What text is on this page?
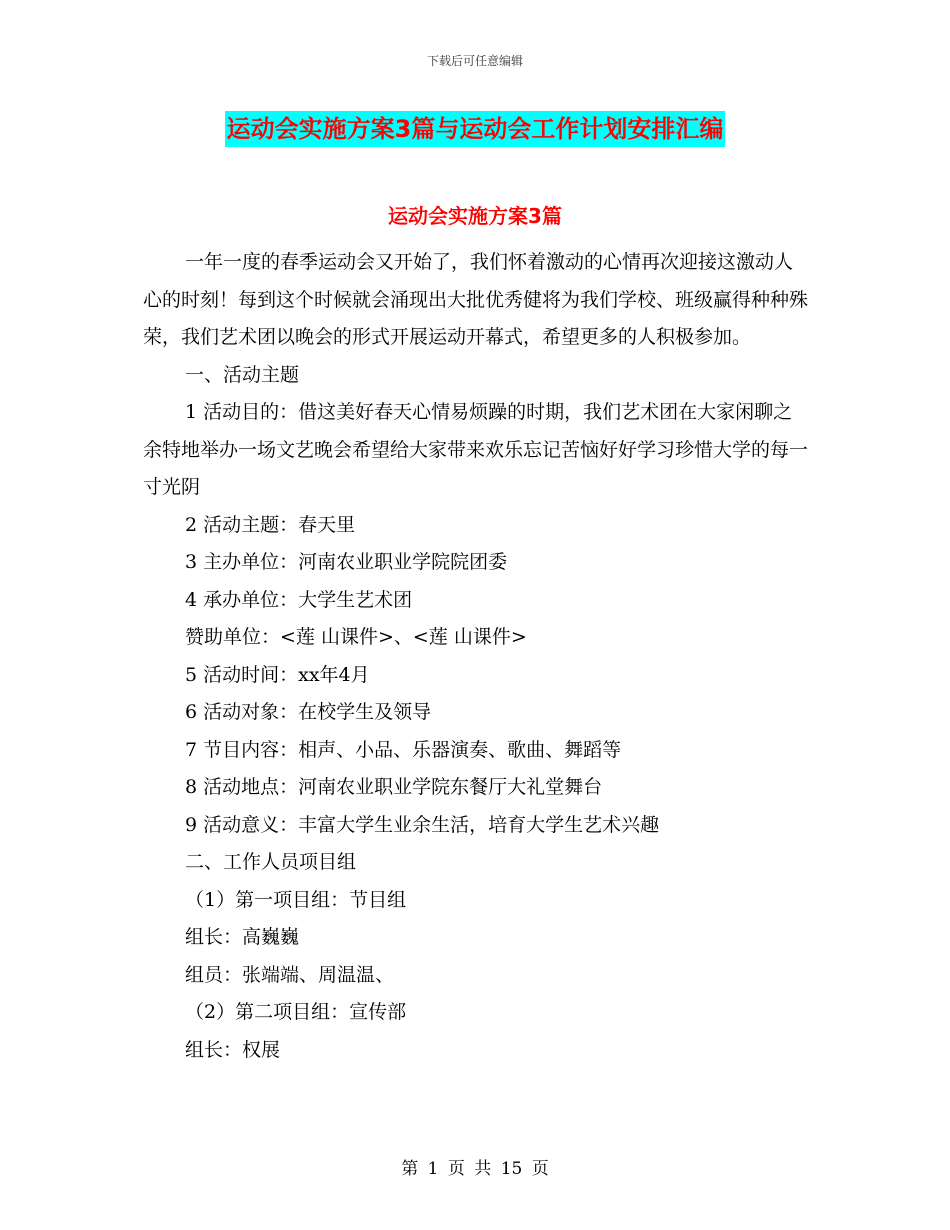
下载后可任意编辑
运动会实施方案3篇与运动会工作计划安排汇编
运动会实施方案3篇

一年一度的春季运动会又开始了，我们怀着激动的心情再次迎接这激动人心的时刻！每到这个时候就会涌现出大批优秀健将为我们学校、班级赢得种种殊荣，我们艺术团以晚会的形式开展运动开幕式，希望更多的人积极参加。

一、活动主题

1 活动目的：借这美好春天心情易烦躁的时期，我们艺术团在大家闲聊之余特地举办一场文艺晚会希望给大家带来欢乐忘记苦恼好好学习珍惜大学的每一寸光阴

2 活动主题：春天里

3 主办单位：河南农业职业学院院团委

4 承办单位：大学生艺术团

赞助单位：<莲 山课件>、<莲 山课件>

5 活动时间：xx年4月

6 活动对象：在校学生及领导

7 节目内容：相声、小品、乐器演奏、歌曲、舞蹈等

8 活动地点：河南农业职业学院东餐厅大礼堂舞台

9 活动意义：丰富大学生业余生活，培育大学生艺术兴趣

二、工作人员项目组

（1）第一项目组：节目组

组长：高巍巍

组员：张端端、周温温、

（2）第二项目组：宣传部

组长：权展

第 1 页 共 15 页
